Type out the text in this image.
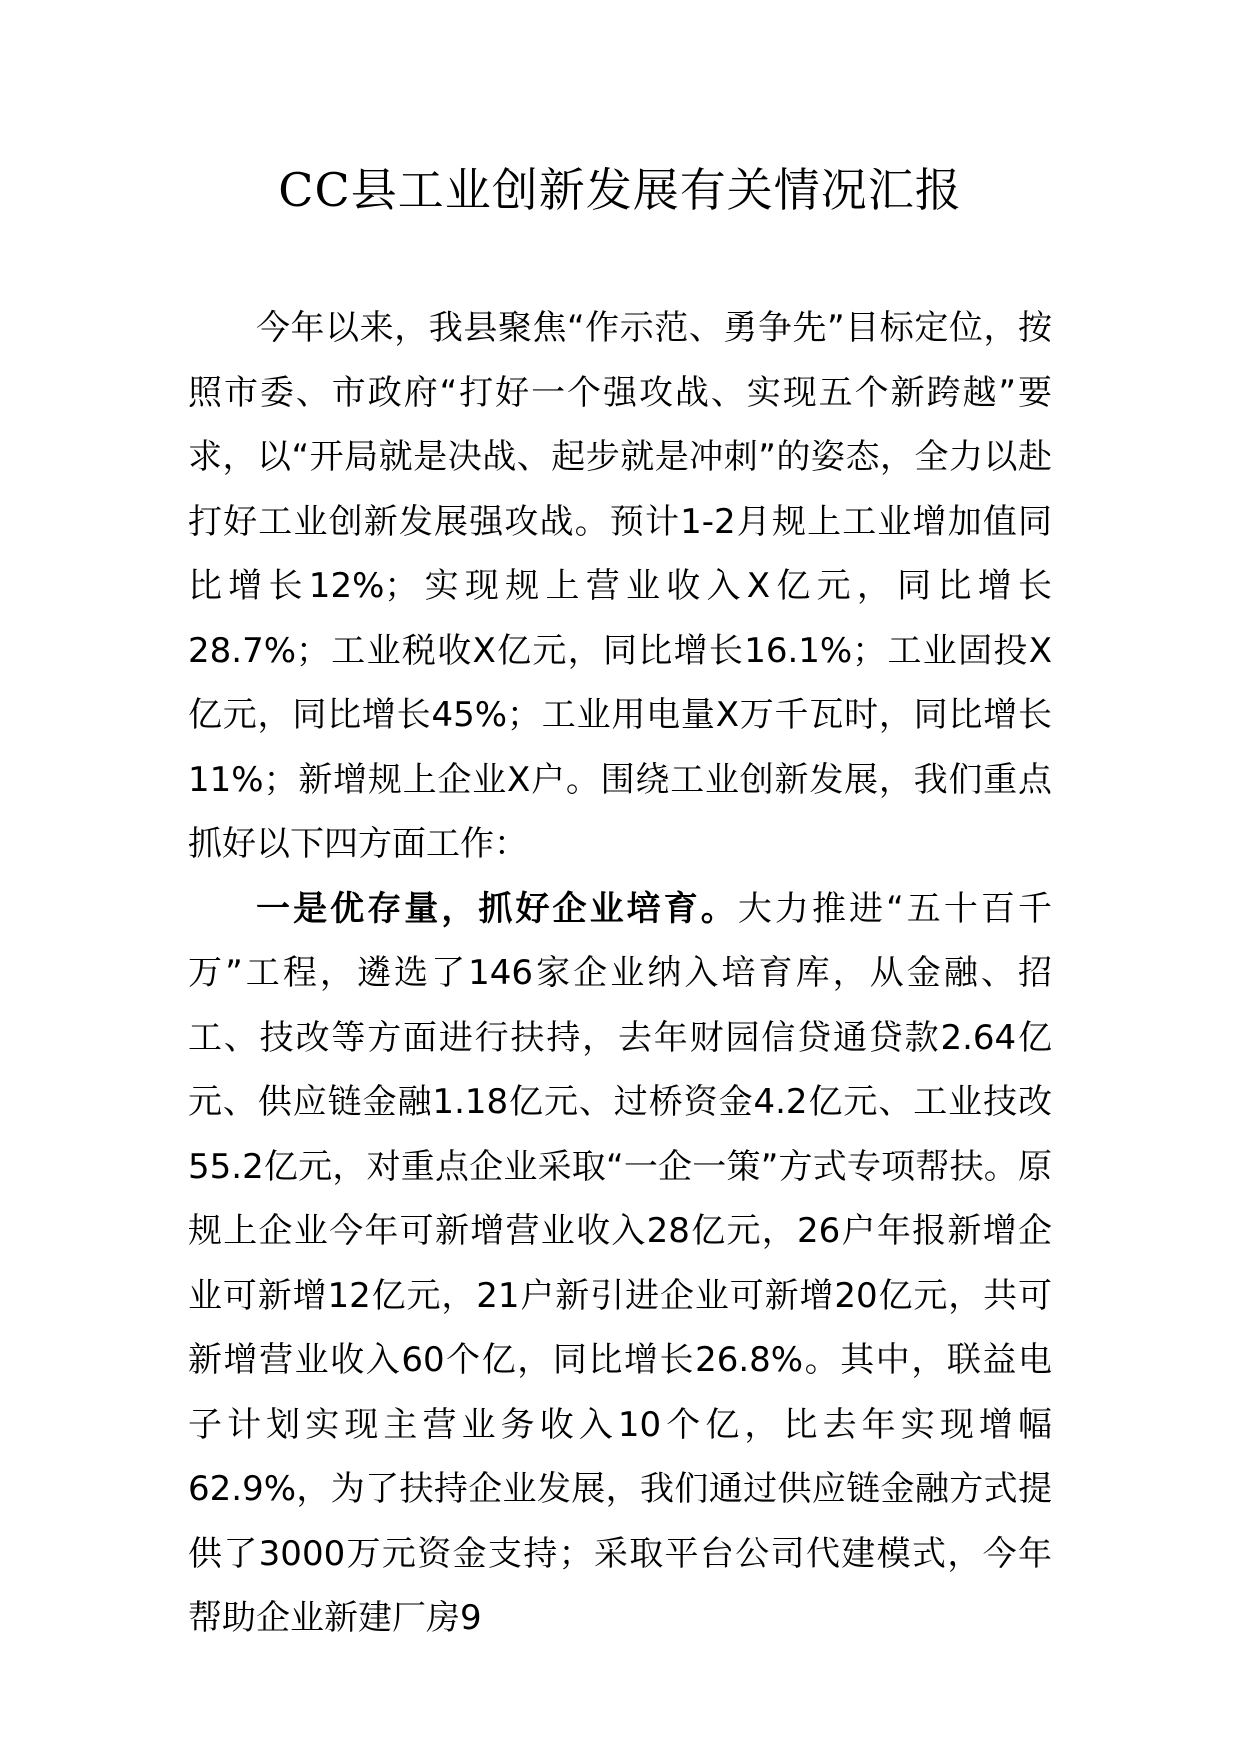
CC县工业创新发展有关情况汇报

今年以来，我县聚焦“作示范、勇争先”目标定位，按照市委、市政府“打好一个强攻战、实现五个新跨越”要求，以“开局就是决战、起步就是冲刺”的姿态，全力以赴打好工业创新发展强攻战。预计1-2月规上工业增加值同比增长12%；实现规上营业收入X亿元，同比增长28.7%；工业税收X亿元，同比增长16.1%；工业固投X亿元，同比增长45%；工业用电量X万千瓦时，同比增长11%；新增规上企业X户。围绕工业创新发展，我们重点抓好以下四方面工作：

一是优存量，抓好企业培育。大力推进“五十百千万”工程，遴选了146家企业纳入培育库，从金融、招工、技改等方面进行扶持，去年财园信贷通贷款2.64亿元、供应链金融1.18亿元、过桥资金4.2亿元、工业技改55.2亿元，对重点企业采取“一企一策”方式专项帮扶。原规上企业今年可新增营业收入28亿元，26户年报新增企业可新增12亿元，21户新引进企业可新增20亿元，共可新增营业收入60个亿，同比增长26.8%。其中，联益电子计划实现主营业务收入10个亿，比去年实现增幅62.9%，为了扶持企业发展，我们通过供应链金融方式提供了3000万元资金支持；采取平台公司代建模式，今年帮助企业新建厂房9
